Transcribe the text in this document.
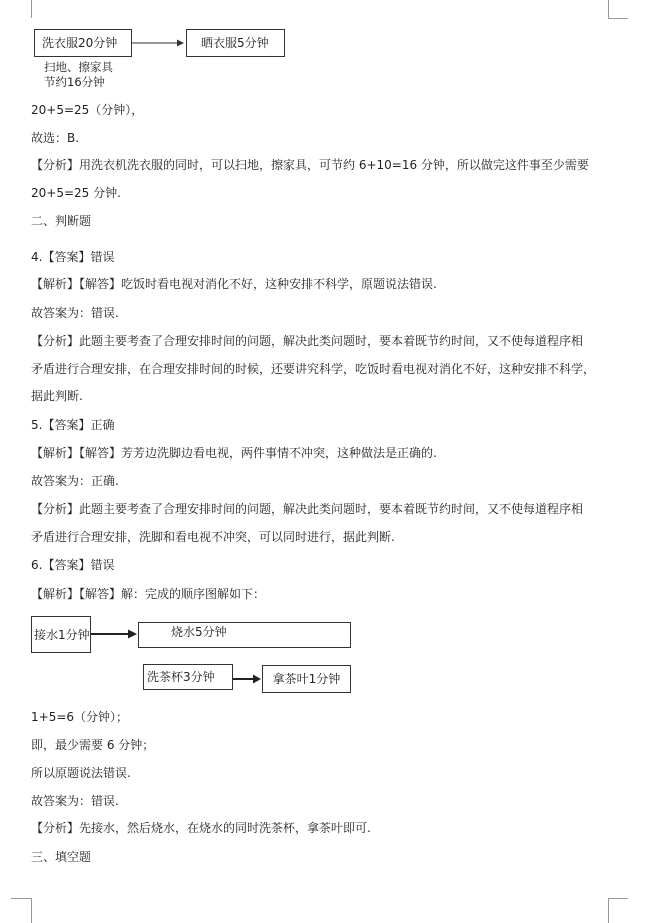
洗衣服20分钟	晒衣服5分钟
扫地、擦家具
节约16分钟
20+5=25（分钟），
故选：B.
【分析】用洗衣机洗衣服的同时，可以扫地，擦家具，可节约 6+10=16 分钟，所以做完这件事至少需要
20+5=25 分钟.
二、判断题
4.【答案】错误
【解析】【解答】吃饭时看电视对消化不好，这种安排不科学，原题说法错误.
故答案为：错误.
【分析】此题主要考查了合理安排时间的问题，解决此类问题时，要本着既节约时间，又不使每道程序相
矛盾进行合理安排，在合理安排时间的时候，还要讲究科学，吃饭时看电视对消化不好，这种安排不科学，
据此判断.
5.【答案】正确
【解析】【解答】芳芳边洗脚边看电视，两件事情不冲突，这种做法是正确的.
故答案为：正确.
【分析】此题主要考查了合理安排时间的问题，解决此类问题时，要本着既节约时间，又不使每道程序相
矛盾进行合理安排，洗脚和看电视不冲突，可以同时进行，据此判断.
6.【答案】错误
【解析】【解答】解：完成的顺序图解如下：
接水1分钟	烧水5分钟
洗茶杯3分钟	拿茶叶1分钟
1+5=6（分钟）；
即，最少需要 6 分钟；
所以原题说法错误.
故答案为：错误.
【分析】先接水，然后烧水，在烧水的同时洗茶杯，拿茶叶即可.
三、填空题
